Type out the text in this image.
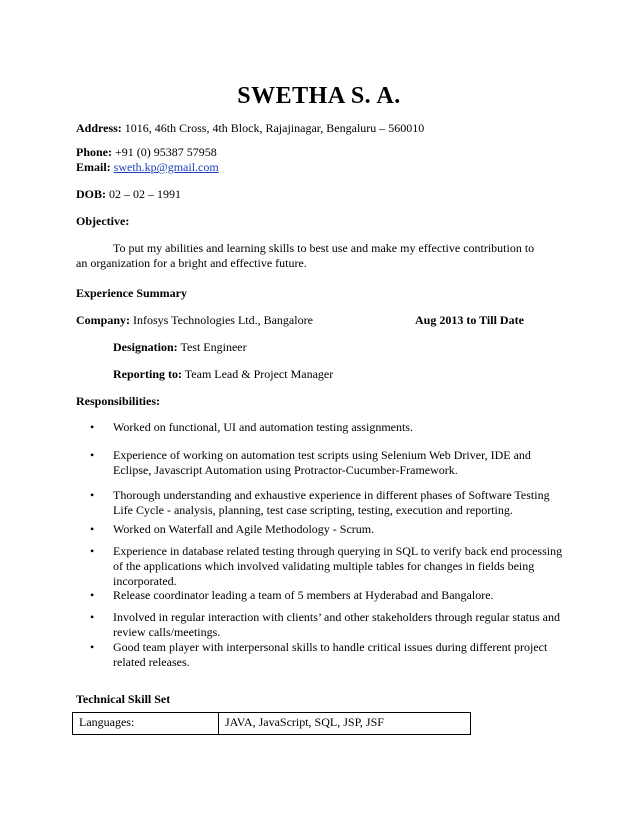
SWETHA S. A.
Address: 1016, 46th Cross, 4th Block, Rajajinagar, Bengaluru – 560010
Phone: +91 (0) 95387 57958
Email: sweth.kp@gmail.com
DOB: 02 – 02 – 1991
Objective:
To put my abilities and learning skills to best use and make my effective contribution to an organization for a bright and effective future.
Experience Summary
Company: Infosys Technologies Ltd., Bangalore	Aug 2013 to Till Date
Designation: Test Engineer
Reporting to: Team Lead & Project Manager
Responsibilities:
• Worked on functional, UI and automation testing assignments.
• Experience of working on automation test scripts using Selenium Web Driver, IDE and Eclipse, Javascript Automation using Protractor-Cucumber-Framework.
• Thorough understanding and exhaustive experience in different phases of Software Testing Life Cycle - analysis, planning, test case scripting, testing, execution and reporting.
• Worked on Waterfall and Agile Methodology - Scrum.
• Experience in database related testing through querying in SQL to verify back end processing of the applications which involved validating multiple tables for changes in fields being incorporated.
• Release coordinator leading a team of 5 members at Hyderabad and Bangalore.
• Involved in regular interaction with clients’ and other stakeholders through regular status and review calls/meetings.
• Good team player with interpersonal skills to handle critical issues during different project related releases.
Technical Skill Set
Languages:	JAVA, JavaScript, SQL, JSP, JSF
